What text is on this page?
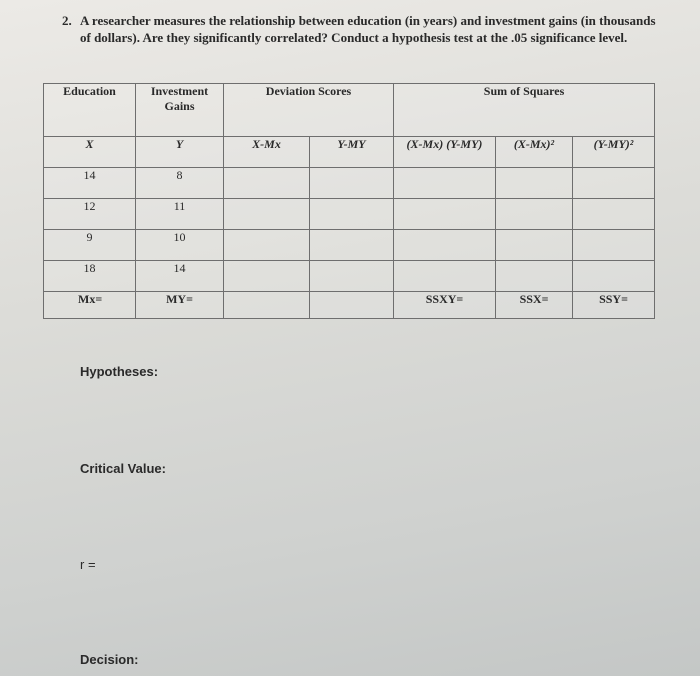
2. A researcher measures the relationship between education (in years) and investment gains (in thousands
of dollars). Are they significantly correlated? Conduct a hypothesis test at the .05 significance level.
Education	Investment Gains	Deviation Scores		Sum of Squares		
X	Y	X-Mx	Y-MY	(X-Mx) (Y-MY)	(X-Mx)²	(Y-MY)²
14	8					
12	11					
9	10					
18	14					
Mx=	MY=			SSXY=	SSX=	SSY=
Hypotheses:
Critical Value:
r =
Decision:
